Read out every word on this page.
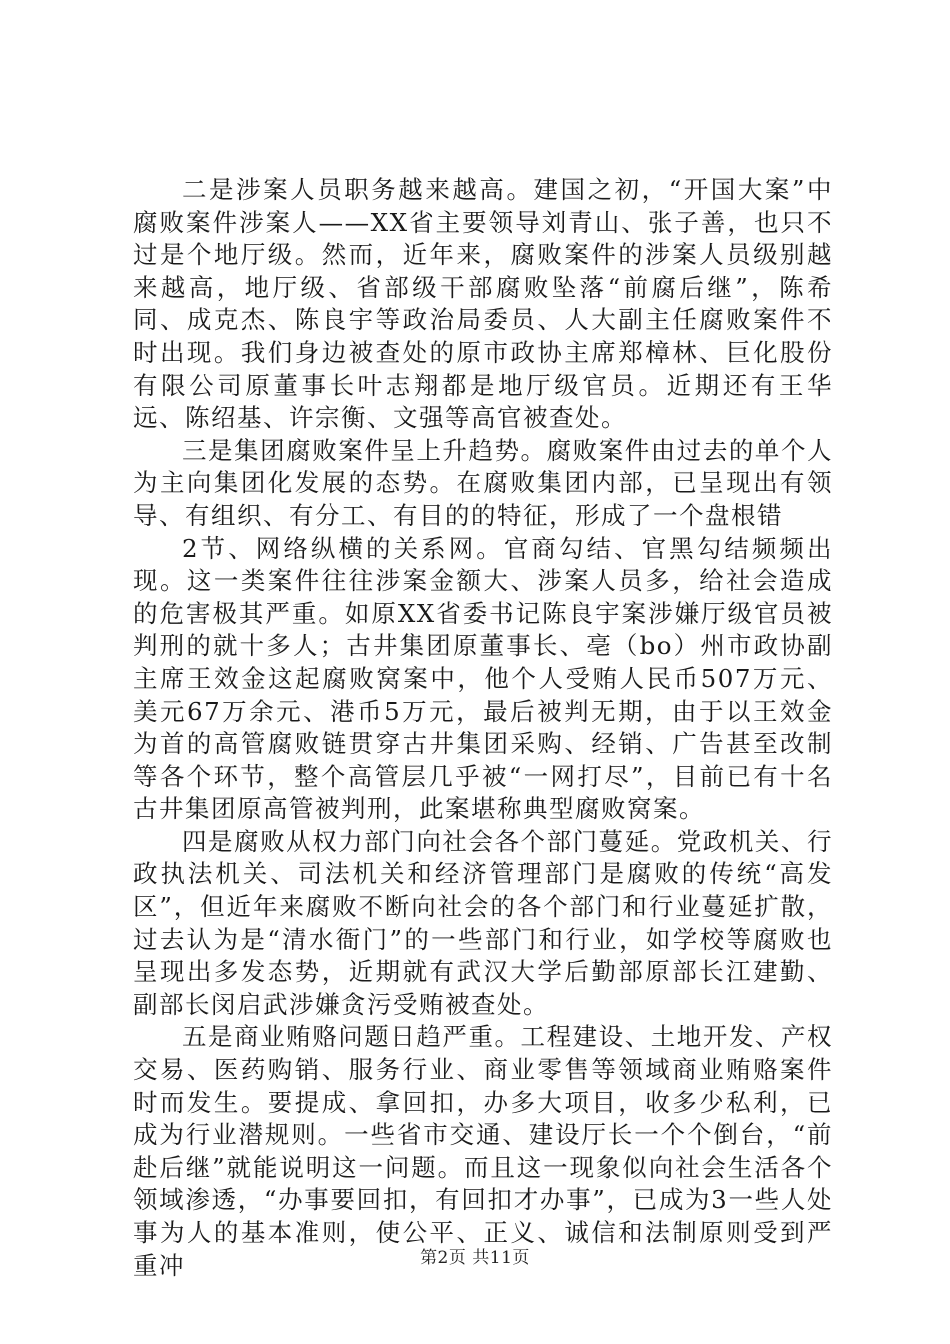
二是涉案人员职务越来越高。建国之初，“开国大案”中腐败案件涉案人——XX省主要领导刘青山、张子善，也只不过是个地厅级。然而，近年来，腐败案件的涉案人员级别越来越高，地厅级、省部级干部腐败坠落“前腐后继”，陈希同、成克杰、陈良宇等政治局委员、人大副主任腐败案件不时出现。我们身边被查处的原市政协主席郑樟林、巨化股份有限公司原董事长叶志翔都是地厅级官员。近期还有王华远、陈绍基、许宗衡、文强等高官被查处。

三是集团腐败案件呈上升趋势。腐败案件由过去的单个人为主向集团化发展的态势。在腐败集团内部，已呈现出有领导、有组织、有分工、有目的的特征，形成了一个盘根错

2节、网络纵横的关系网。官商勾结、官黑勾结频频出现。这一类案件往往涉案金额大、涉案人员多，给社会造成的危害极其严重。如原XX省委书记陈良宇案涉嫌厅级官员被判刑的就十多人；古井集团原董事长、亳（bo）州市政协副主席王效金这起腐败窝案中，他个人受贿人民币507万元、美元67万余元、港币5万元，最后被判无期，由于以王效金为首的高管腐败链贯穿古井集团采购、经销、广告甚至改制等各个环节，整个高管层几乎被“一网打尽”，目前已有十名古井集团原高管被判刑，此案堪称典型腐败窝案。

四是腐败从权力部门向社会各个部门蔓延。党政机关、行政执法机关、司法机关和经济管理部门是腐败的传统“高发区”，但近年来腐败不断向社会的各个部门和行业蔓延扩散，过去认为是“清水衙门”的一些部门和行业，如学校等腐败也呈现出多发态势，近期就有武汉大学后勤部原部长江建勤、副部长闵启武涉嫌贪污受贿被查处。

五是商业贿赂问题日趋严重。工程建设、土地开发、产权交易、医药购销、服务行业、商业零售等领域商业贿赂案件时而发生。要提成、拿回扣，办多大项目，收多少私利，已成为行业潜规则。一些省市交通、建设厅长一个个倒台，“前赴后继”就能说明这一问题。而且这一现象似向社会生活各个领域渗透，“办事要回扣，有回扣才办事”，已成为3一些人处事为人的基本准则，使公平、正义、诚信和法制原则受到严重冲	第2页 共11页
